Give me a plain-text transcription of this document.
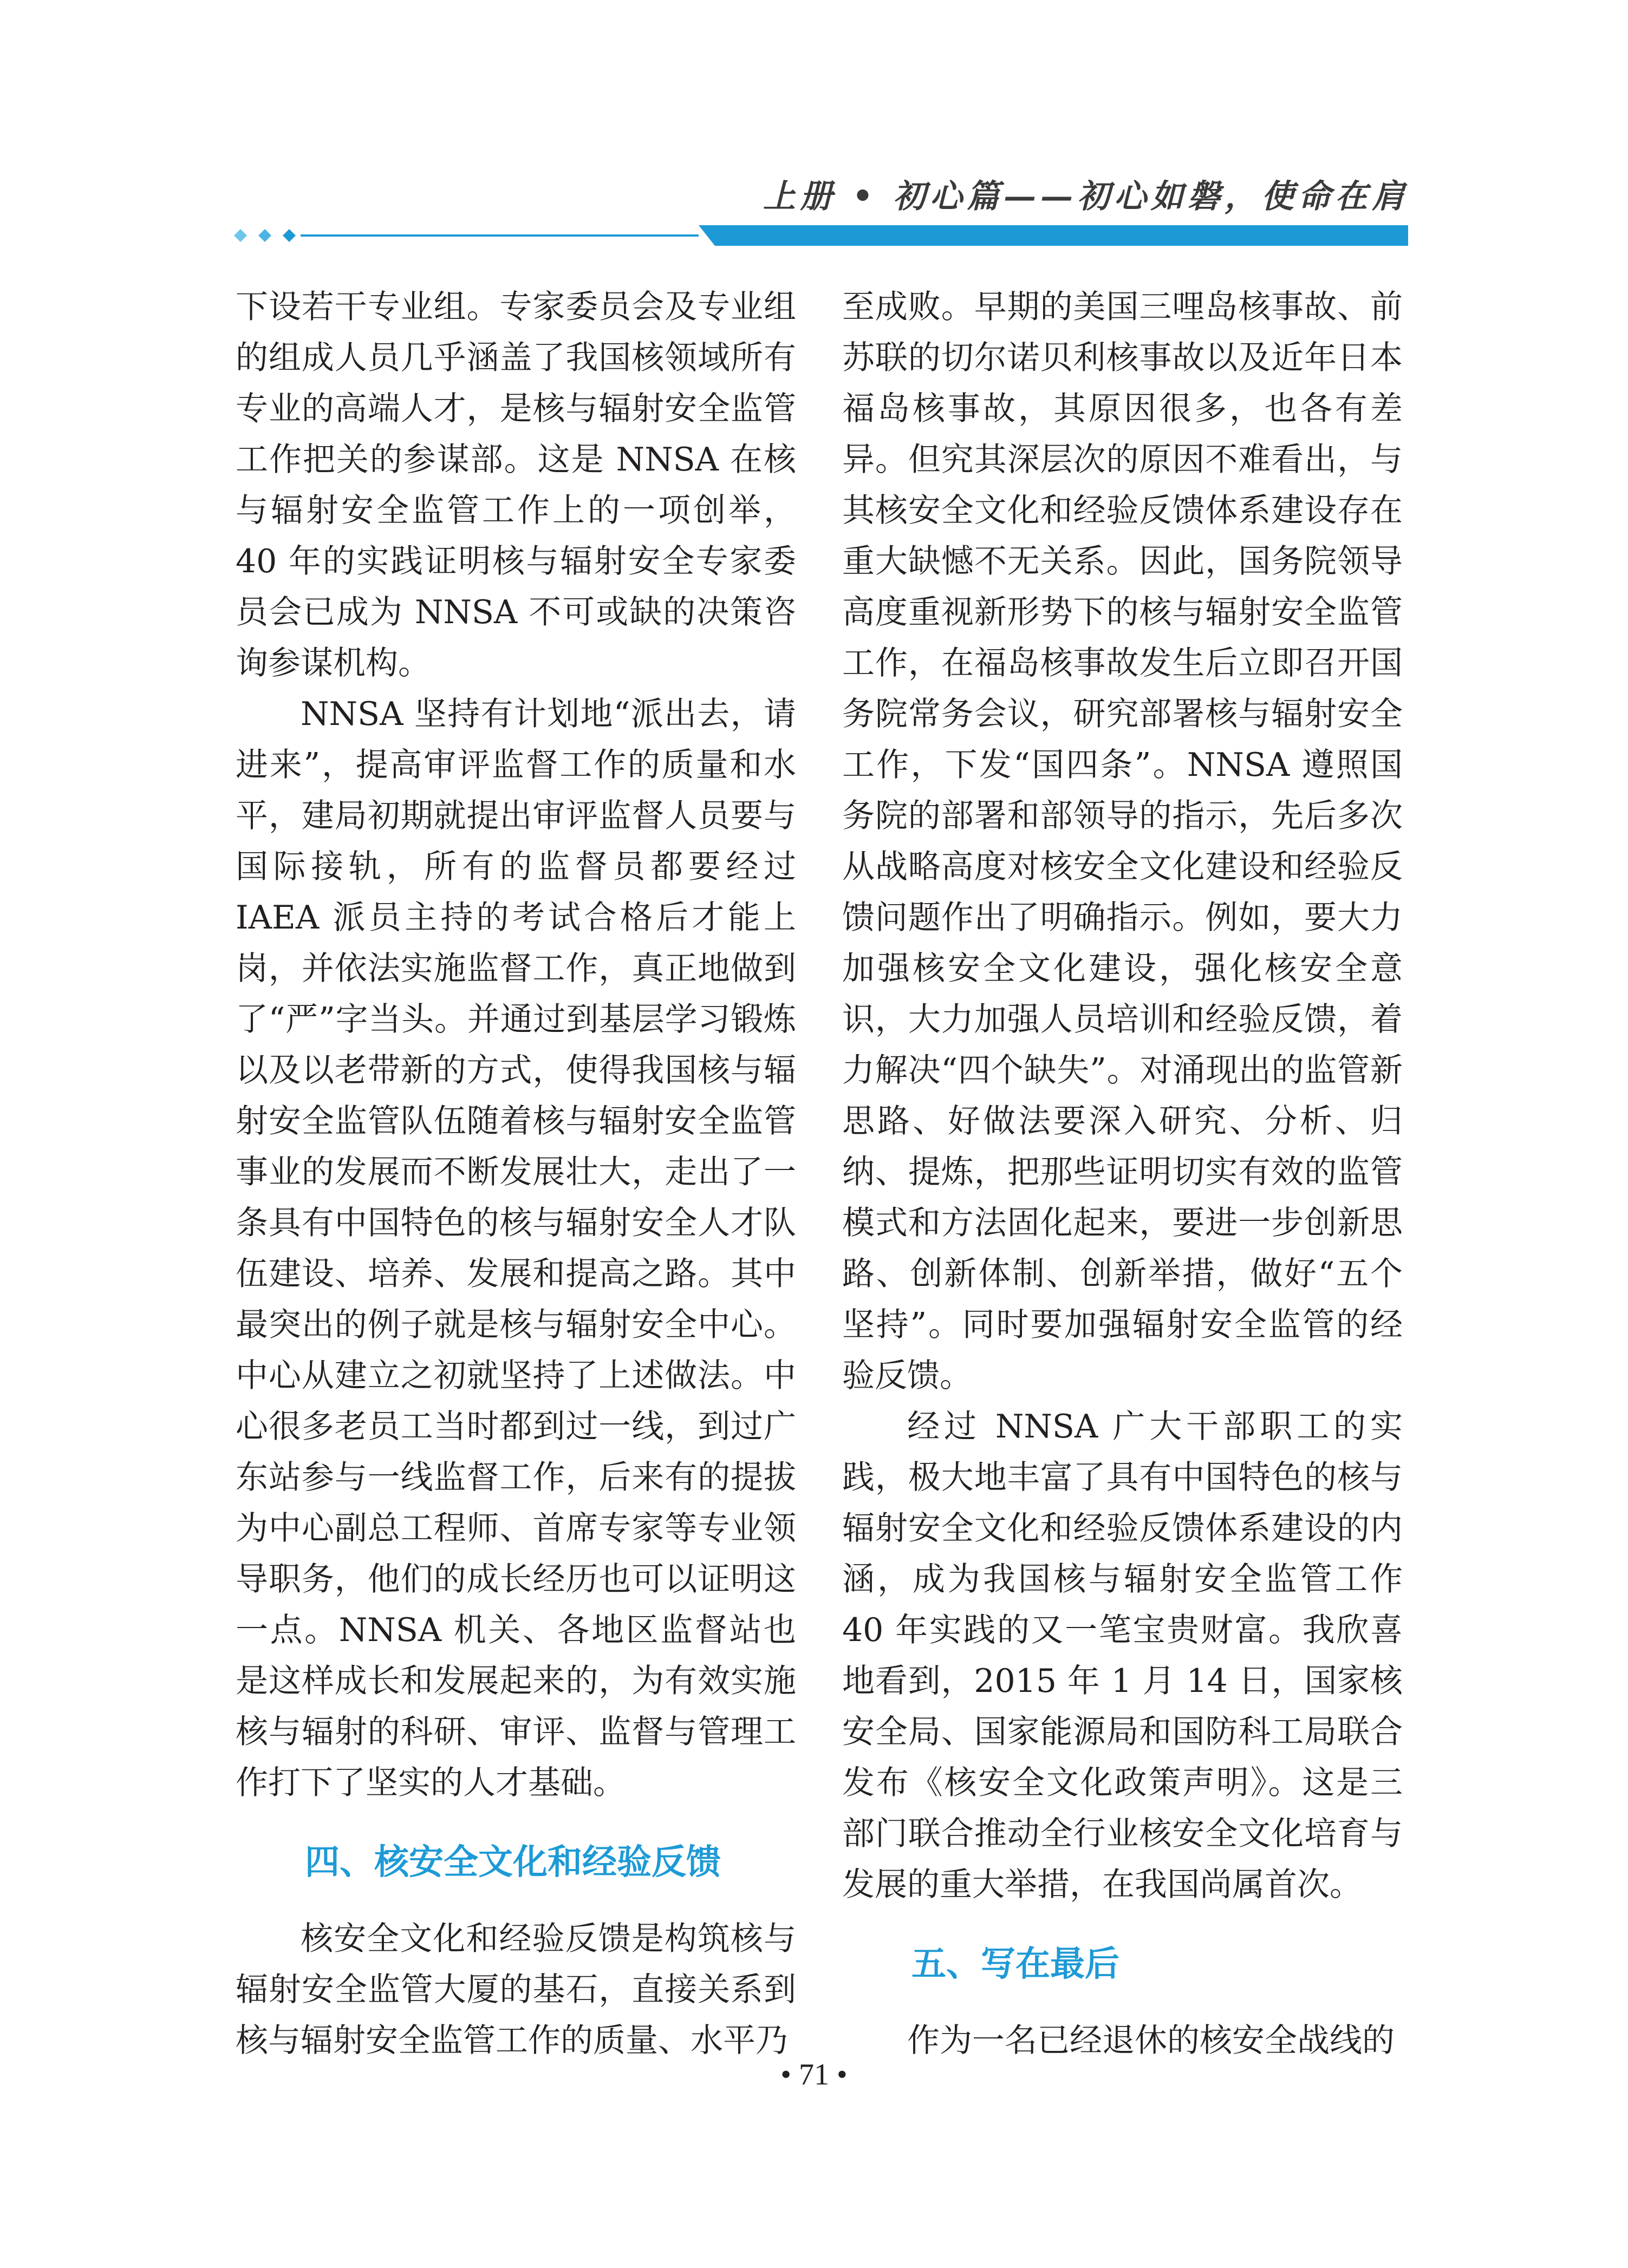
上册 • 初心篇——初心如磐，使命在肩

下设若干专业组。专家委员会及专业组的组成人员几乎涵盖了我国核领域所有专业的高端人才，是核与辐射安全监管工作把关的参谋部。这是 NNSA 在核与辐射安全监管工作上的一项创举，40 年的实践证明核与辐射安全专家委员会已成为 NNSA 不可或缺的决策咨询参谋机构。

NNSA 坚持有计划地“派出去，请进来”，提高审评监督工作的质量和水平，建局初期就提出审评监督人员要与国际接轨，所有的监督员都要经过 IAEA 派员主持的考试合格后才能上岗，并依法实施监督工作，真正地做到了“严”字当头。并通过到基层学习锻炼以及以老带新的方式，使得我国核与辐射安全监管队伍随着核与辐射安全监管事业的发展而不断发展壮大，走出了一条具有中国特色的核与辐射安全人才队伍建设、培养、发展和提高之路。其中最突出的例子就是核与辐射安全中心。中心从建立之初就坚持了上述做法。中心很多老员工当时都到过一线，到过广东站参与一线监督工作，后来有的提拔为中心副总工程师、首席专家等专业领导职务，他们的成长经历也可以证明这一点。NNSA 机关、各地区监督站也是这样成长和发展起来的，为有效实施核与辐射的科研、审评、监督与管理工作打下了坚实的人才基础。

四、核安全文化和经验反馈

核安全文化和经验反馈是构筑核与辐射安全监管大厦的基石，直接关系到核与辐射安全监管工作的质量、水平乃

至成败。早期的美国三哩岛核事故、前苏联的切尔诺贝利核事故以及近年日本福岛核事故，其原因很多，也各有差异。但究其深层次的原因不难看出，与其核安全文化和经验反馈体系建设存在重大缺憾不无关系。因此，国务院领导高度重视新形势下的核与辐射安全监管工作，在福岛核事故发生后立即召开国务院常务会议，研究部署核与辐射安全工作，下发“国四条”。NNSA 遵照国务院的部署和部领导的指示，先后多次从战略高度对核安全文化建设和经验反馈问题作出了明确指示。例如，要大力加强核安全文化建设，强化核安全意识，大力加强人员培训和经验反馈，着力解决“四个缺失”。对涌现出的监管新思路、好做法要深入研究、分析、归纳、提炼，把那些证明切实有效的监管模式和方法固化起来，要进一步创新思路、创新体制、创新举措，做好“五个坚持”。同时要加强辐射安全监管的经验反馈。

经过 NNSA 广大干部职工的实践，极大地丰富了具有中国特色的核与辐射安全文化和经验反馈体系建设的内涵，成为我国核与辐射安全监管工作 40 年实践的又一笔宝贵财富。我欣喜地看到，2015 年 1 月 14 日，国家核安全局、国家能源局和国防科工局联合发布《核安全文化政策声明》。这是三部门联合推动全行业核安全文化培育与发展的重大举措，在我国尚属首次。

五、写在最后

作为一名已经退休的核安全战线的

• 71 •
